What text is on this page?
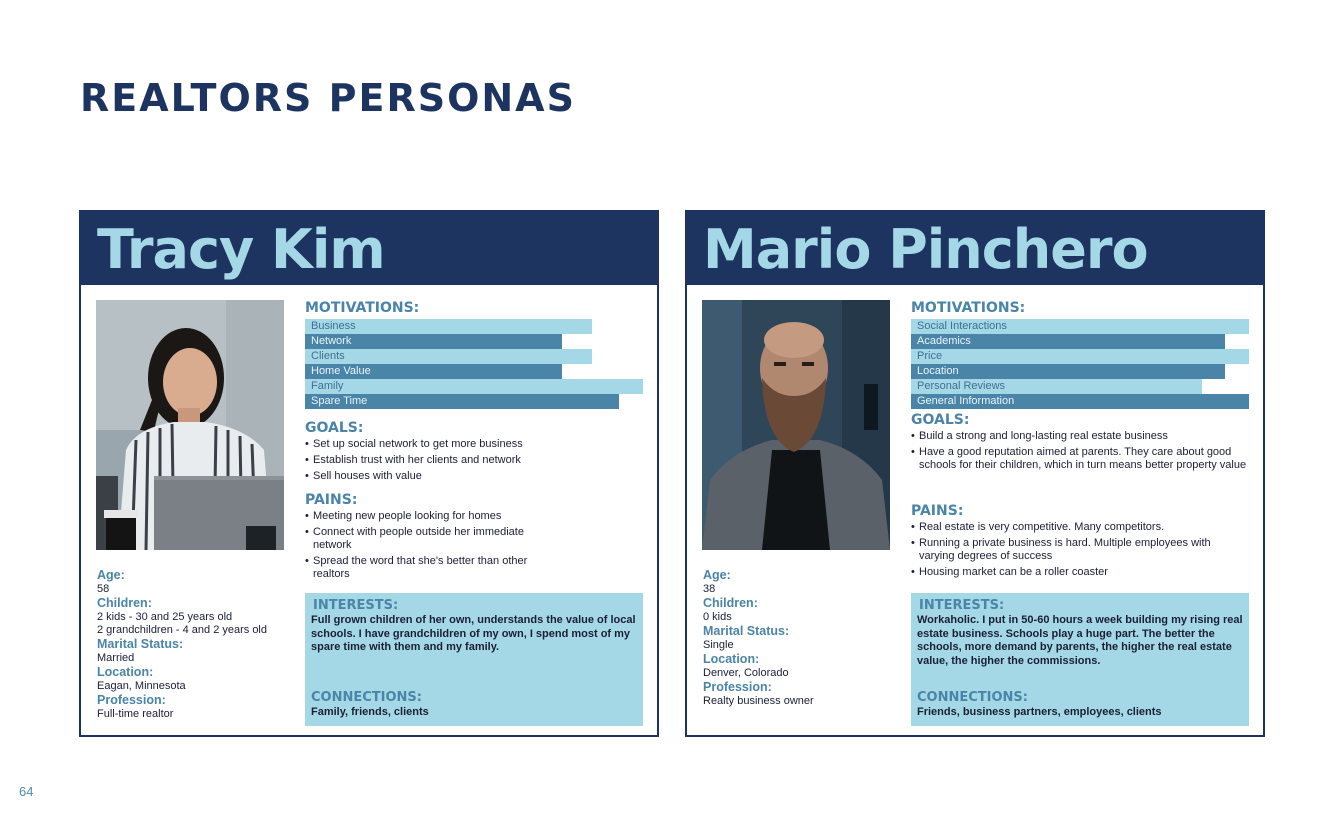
REALTORS PERSONAS
Tracy Kim
Age:
58
Children:
2 kids - 30 and 25 years old
2 grandchildren - 4 and 2 years old
Marital Status:
Married
Location:
Eagan, Minnesota
Profession:
Full-time realtor
MOTIVATIONS:
Business
Network
Clients
Home Value
Family
Spare Time
GOALS:
• Set up social network to get more business
• Establish trust with her clients and network
• Sell houses with value
PAINS:
• Meeting new people looking for homes
• Connect with people outside her immediate network
• Spread the word that she's better than other realtors
INTERESTS:
Full grown children of her own, understands the value of local schools. I have grandchildren of my own, I spend most of my spare time with them and my family.
CONNECTIONS:
Family, friends, clients
Mario Pinchero
Age:
38
Children:
0 kids
Marital Status:
Single
Location:
Denver, Colorado
Profession:
Realty business owner
MOTIVATIONS:
Social Interactions
Academics
Price
Location
Personal Reviews
General Information
GOALS:
• Build a strong and long-lasting real estate business
• Have a good reputation aimed at parents. They care about good schools for their children, which in turn means better property value
PAINS:
• Real estate is very competitive. Many competitors.
• Running a private business is hard. Multiple employees with varying degrees of success
• Housing market can be a roller coaster
INTERESTS:
Workaholic. I put in 50-60 hours a week building my rising real estate business. Schools play a huge part. The better the schools, more demand by parents, the higher the real estate value, the higher the commissions.
CONNECTIONS:
Friends, business partners, employees, clients
64
